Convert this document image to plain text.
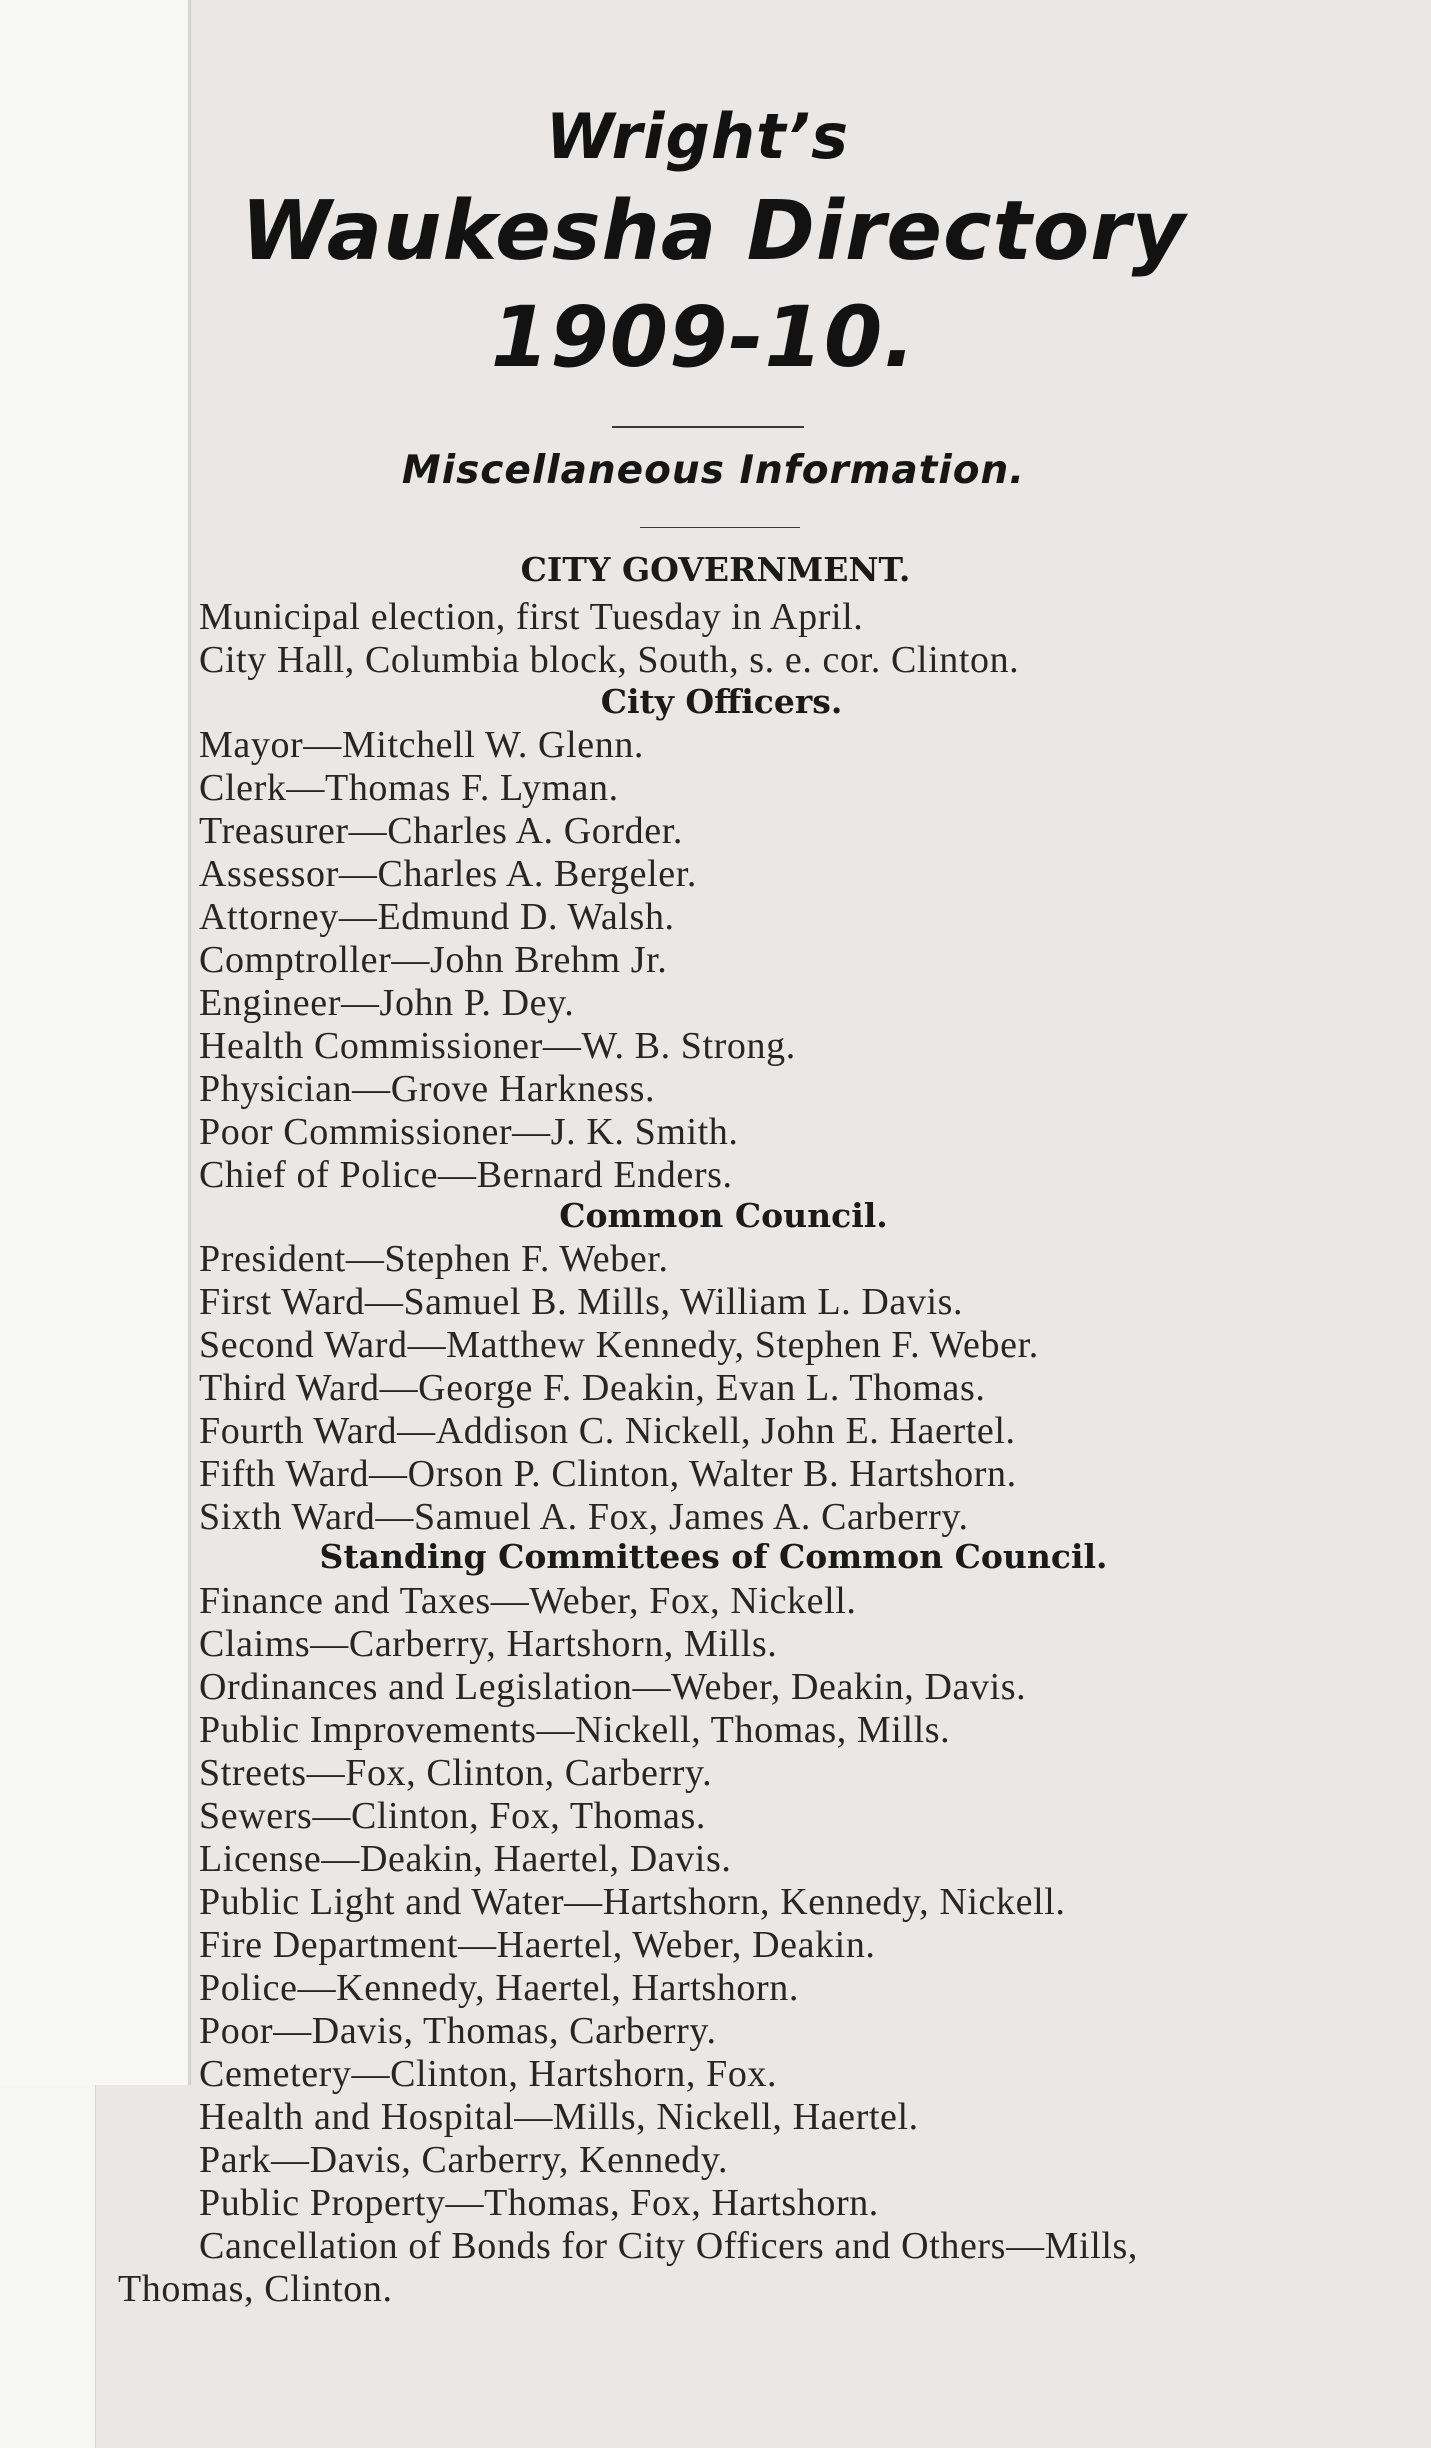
Wright’s
Waukesha Directory
1909-10.
Miscellaneous Information.
CITY GOVERNMENT.
Municipal election, first Tuesday in April.
City Hall, Columbia block, South, s. e. cor. Clinton.
City Officers.
Mayor—Mitchell W. Glenn.
Clerk—Thomas F. Lyman.
Treasurer—Charles A. Gorder.
Assessor—Charles A. Bergeler.
Attorney—Edmund D. Walsh.
Comptroller—John Brehm Jr.
Engineer—John P. Dey.
Health Commissioner—W. B. Strong.
Physician—Grove Harkness.
Poor Commissioner—J. K. Smith.
Chief of Police—Bernard Enders.
Common Council.
President—Stephen F. Weber.
First Ward—Samuel B. Mills, William L. Davis.
Second Ward—Matthew Kennedy, Stephen F. Weber.
Third Ward—George F. Deakin, Evan L. Thomas.
Fourth Ward—Addison C. Nickell, John E. Haertel.
Fifth Ward—Orson P. Clinton, Walter B. Hartshorn.
Sixth Ward—Samuel A. Fox, James A. Carberry.
Standing Committees of Common Council.
Finance and Taxes—Weber, Fox, Nickell.
Claims—Carberry, Hartshorn, Mills.
Ordinances and Legislation—Weber, Deakin, Davis.
Public Improvements—Nickell, Thomas, Mills.
Streets—Fox, Clinton, Carberry.
Sewers—Clinton, Fox, Thomas.
License—Deakin, Haertel, Davis.
Public Light and Water—Hartshorn, Kennedy, Nickell.
Fire Department—Haertel, Weber, Deakin.
Police—Kennedy, Haertel, Hartshorn.
Poor—Davis, Thomas, Carberry.
Cemetery—Clinton, Hartshorn, Fox.
Health and Hospital—Mills, Nickell, Haertel.
Park—Davis, Carberry, Kennedy.
Public Property—Thomas, Fox, Hartshorn.
Cancellation of Bonds for City Officers and Others—Mills,
Thomas, Clinton.
